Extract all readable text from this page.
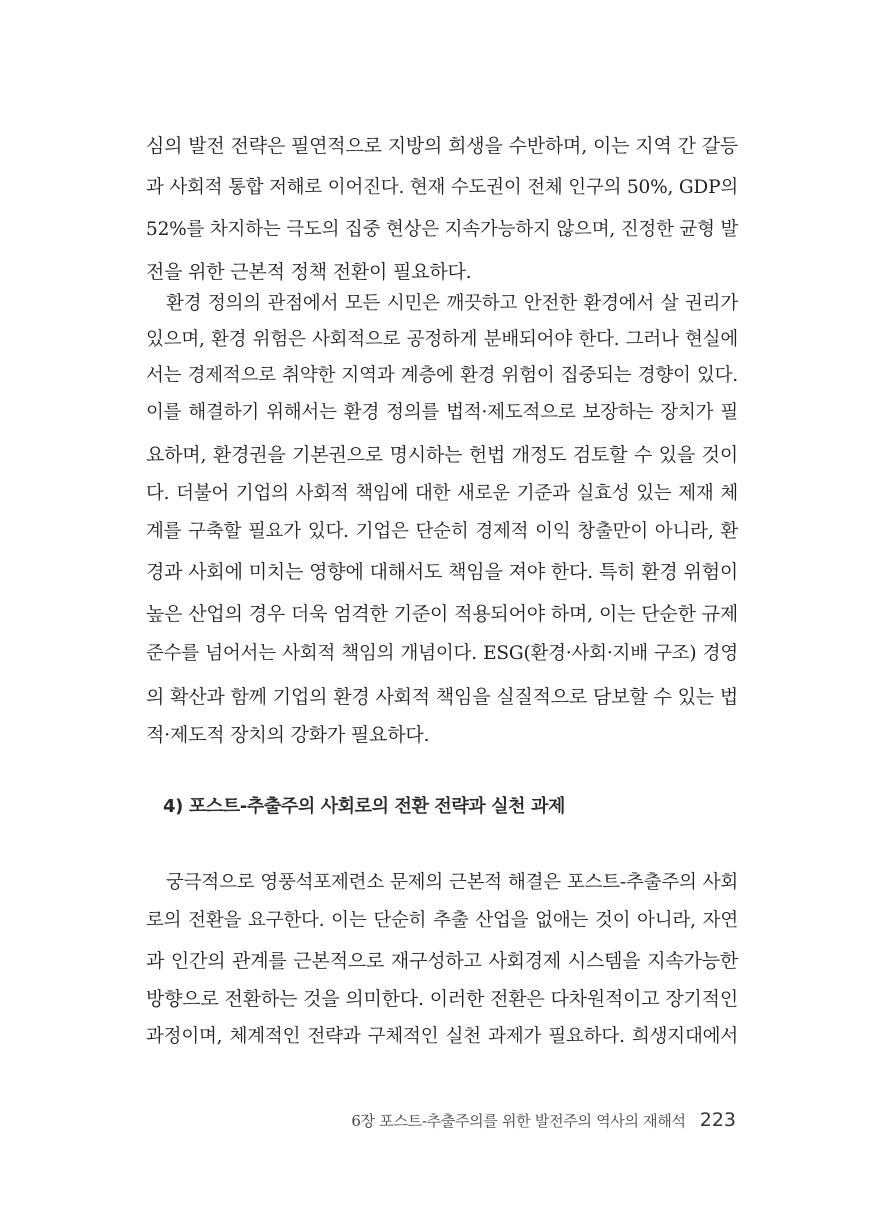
심의 발전 전략은 필연적으로 지방의 희생을 수반하며, 이는 지역 간 갈등
과 사회적 통합 저해로 이어진다. 현재 수도권이 전체 인구의 50%, GDP의
52%를 차지하는 극도의 집중 현상은 지속가능하지 않으며, 진정한 균형 발
전을 위한 근본적 정책 전환이 필요하다.
환경 정의의 관점에서 모든 시민은 깨끗하고 안전한 환경에서 살 권리가
있으며, 환경 위험은 사회적으로 공정하게 분배되어야 한다. 그러나 현실에
서는 경제적으로 취약한 지역과 계층에 환경 위험이 집중되는 경향이 있다.
이를 해결하기 위해서는 환경 정의를 법적·제도적으로 보장하는 장치가 필
요하며, 환경권을 기본권으로 명시하는 헌법 개정도 검토할 수 있을 것이
다. 더불어 기업의 사회적 책임에 대한 새로운 기준과 실효성 있는 제재 체
계를 구축할 필요가 있다. 기업은 단순히 경제적 이익 창출만이 아니라, 환
경과 사회에 미치는 영향에 대해서도 책임을 져야 한다. 특히 환경 위험이
높은 산업의 경우 더욱 엄격한 기준이 적용되어야 하며, 이는 단순한 규제
준수를 넘어서는 사회적 책임의 개념이다. ESG(환경·사회·지배 구조) 경영
의 확산과 함께 기업의 환경 사회적 책임을 실질적으로 담보할 수 있는 법
적·제도적 장치의 강화가 필요하다.
4) 포스트-추출주의 사회로의 전환 전략과 실천 과제
궁극적으로 영풍석포제련소 문제의 근본적 해결은 포스트-추출주의 사회
로의 전환을 요구한다. 이는 단순히 추출 산업을 없애는 것이 아니라, 자연
과 인간의 관계를 근본적으로 재구성하고 사회경제 시스템을 지속가능한
방향으로 전환하는 것을 의미한다. 이러한 전환은 다차원적이고 장기적인
과정이며, 체계적인 전략과 구체적인 실천 과제가 필요하다. 희생지대에서
6장 포스트-추출주의를 위한 발전주의 역사의 재해석 223
